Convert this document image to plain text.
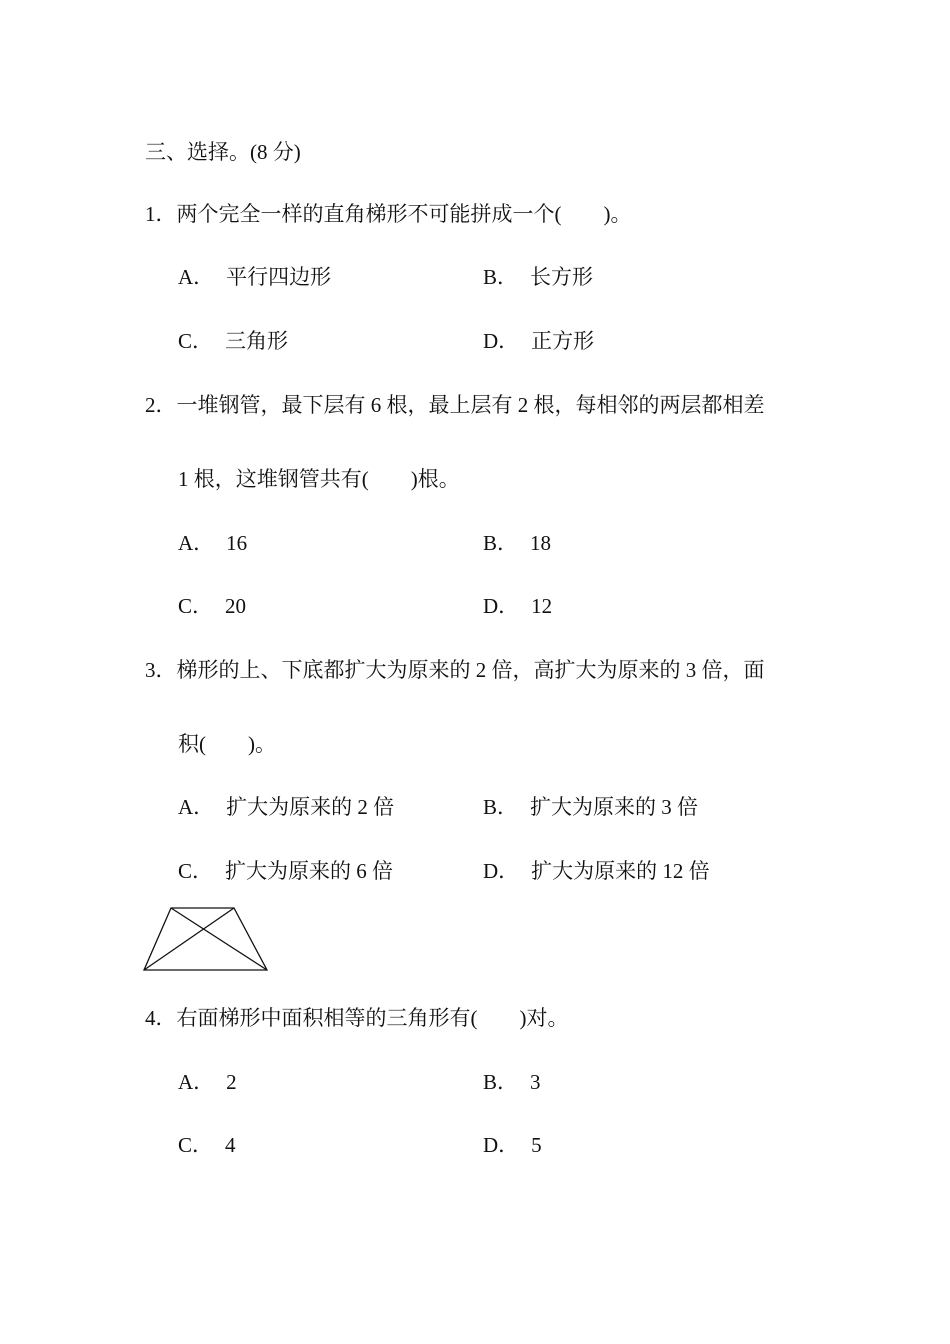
三、选择。(8 分)
1．两个完全一样的直角梯形不可能拼成一个(　　)。
A． 平行四边形	B． 长方形
C． 三角形	D． 正方形
2．一堆钢管，最下层有 6 根，最上层有 2 根，每相邻的两层都相差
1 根，这堆钢管共有(　　)根。
A． 16	B． 18
C． 20	D． 12
3．梯形的上、下底都扩大为原来的 2 倍，高扩大为原来的 3 倍，面
积(　　)。
A． 扩大为原来的 2 倍	B． 扩大为原来的 3 倍
C． 扩大为原来的 6 倍	D． 扩大为原来的 12 倍
4．右面梯形中面积相等的三角形有(　　)对。
A． 2	B． 3
C． 4	D． 5
